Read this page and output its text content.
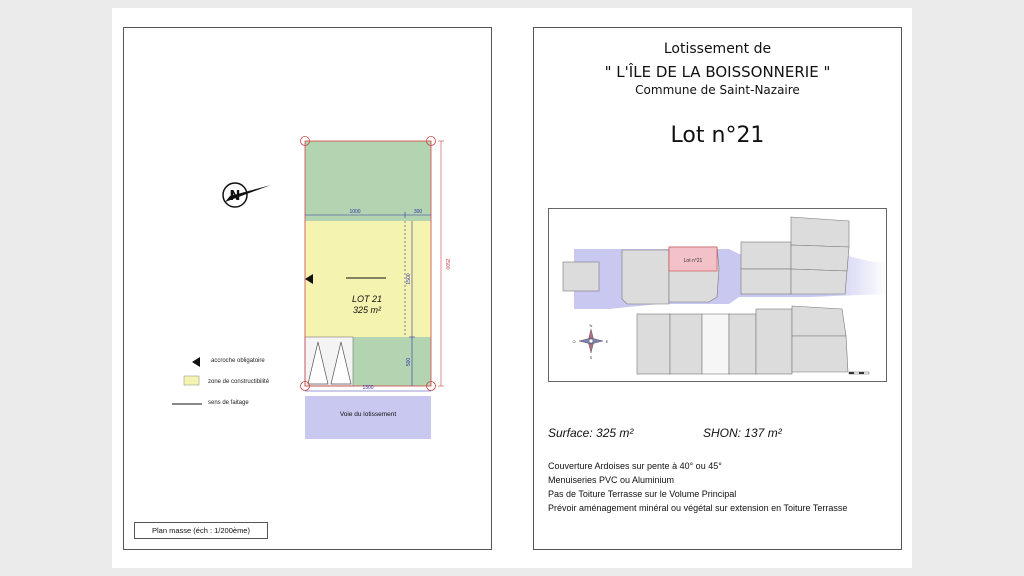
N
1000	300
1300
2500
1500
500
LOT 21
325 m²
Voie du lotissement
accroche obligatoire
zone de constructibilité
sens de faitage
Plan masse (éch : 1/200ème)
Lotissement de
" L'ÎLE DE LA BOISSONNERIE "
Commune de Saint-Nazaire
Lot n°21
Lot n°21
N
S
E
O
Surface: 325 m²	SHON: 137 m²
Couverture Ardoises sur pente à 40° ou 45°
Menuiseries PVC ou Aluminium
Pas de Toiture Terrasse sur le Volume Principal
Prévoir aménagement minéral ou végétal sur extension en Toiture Terrasse
